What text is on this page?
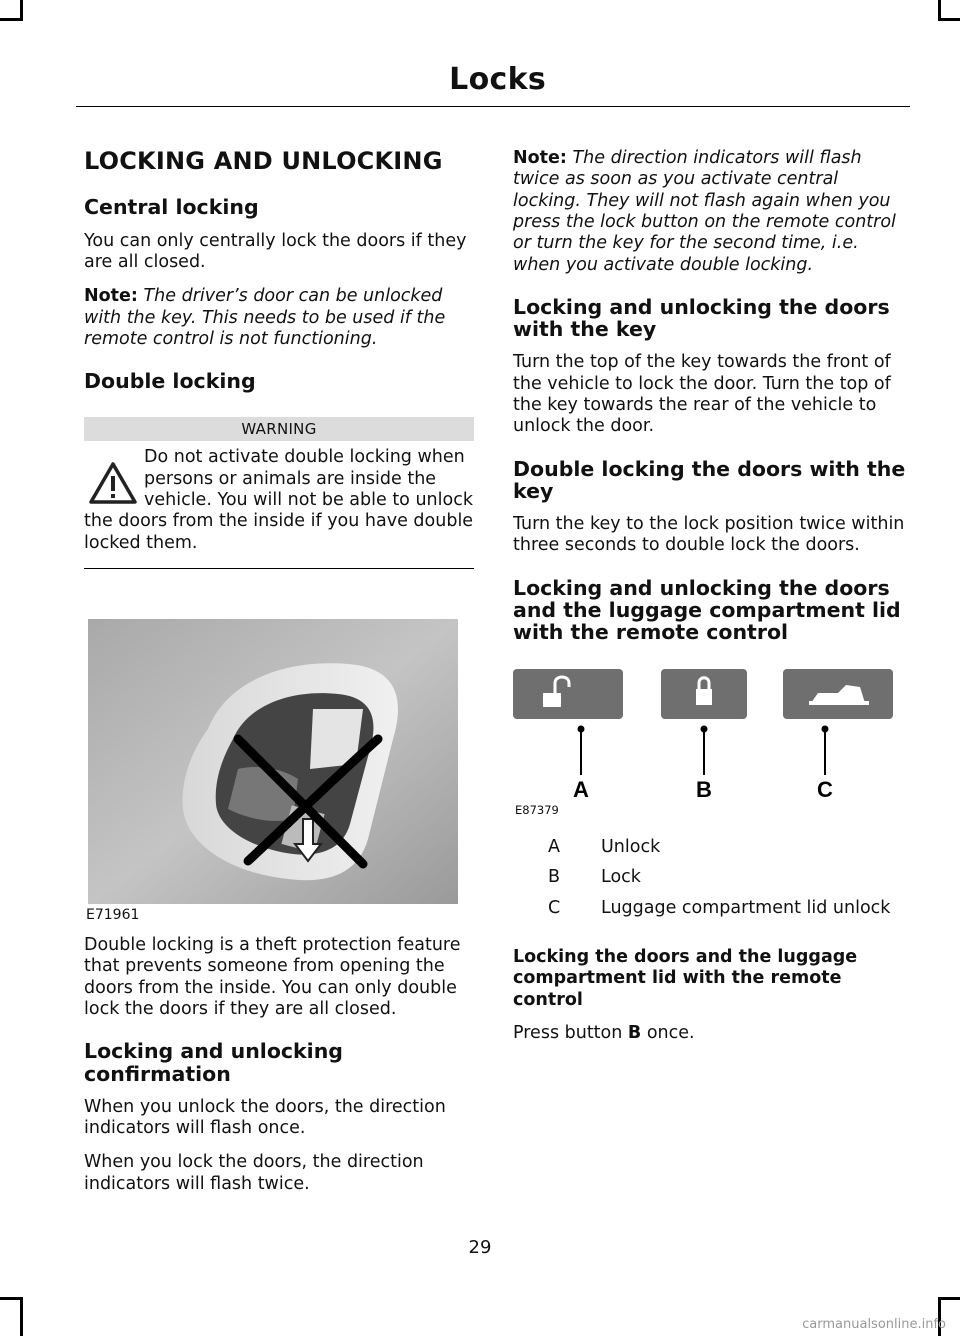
Locks
LOCKING AND UNLOCKING
Central locking

You can only centrally lock the doors if they are all closed.

Note: The driver’s door can be unlocked with the key. This needs to be used if the remote control is not functioning.

Double locking
WARNING
Do not activate double locking when persons or animals are inside the vehicle. You will not be able to unlock the doors from the inside if you have double locked them.
E71961

Double locking is a theft protection feature that prevents someone from opening the doors from the inside. You can only double lock the doors if they are all closed.

Locking and unlocking confirmation

When you unlock the doors, the direction indicators will flash once.

When you lock the doors, the direction indicators will flash twice.

Note: The direction indicators will flash twice as soon as you activate central locking. They will not flash again when you press the lock button on the remote control or turn the key for the second time, i.e. when you activate double locking.

Locking and unlocking the doors with the key

Turn the top of the key towards the front of the vehicle to lock the door. Turn the top of the key towards the rear of the vehicle to unlock the door.

Double locking the doors with the key

Turn the key to the lock position twice within three seconds to double lock the doors.

Locking and unlocking the doors and the luggage compartment lid with the remote control
A	B	C
E87379
A	Unlock
B	Lock
C	Luggage compartment lid unlock
Locking the doors and the luggage compartment lid with the remote control

Press button B once.

29
carmanualsonline.info
